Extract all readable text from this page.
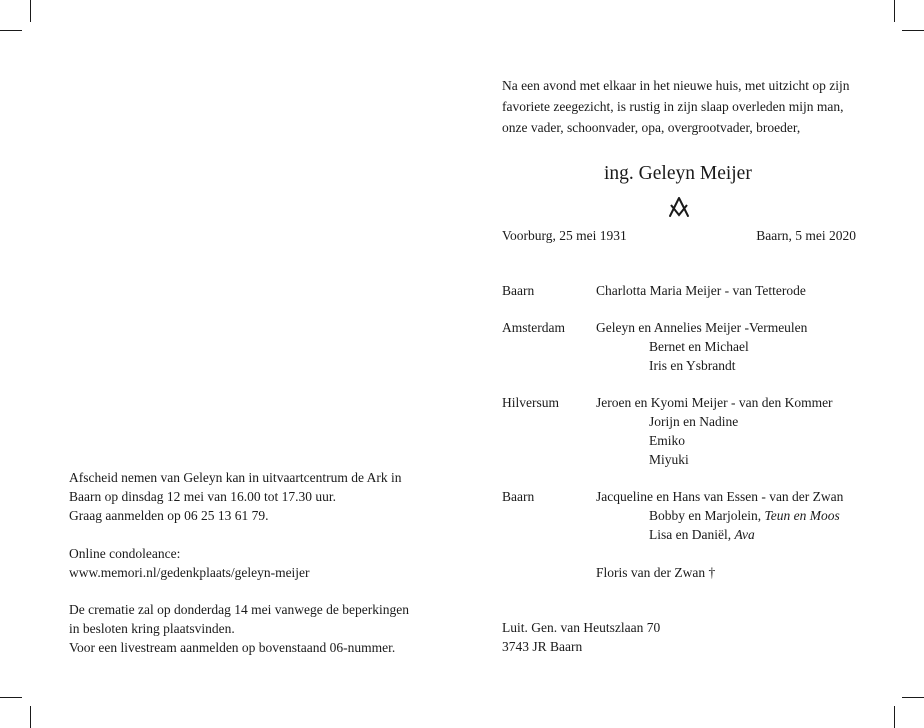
Afscheid nemen van Geleyn kan in uitvaartcentrum de Ark in
Baarn op dinsdag 12 mei van 16.00 tot 17.30 uur.
Graag aanmelden op 06 25 13 61 79.
Online condoleance:
www.memori.nl/gedenkplaats/geleyn-meijer
De crematie zal op donderdag 14 mei vanwege de beperkingen
in besloten kring plaatsvinden.
Voor een livestream aanmelden op bovenstaand 06-nummer.
Na een avond met elkaar in het nieuwe huis, met uitzicht op zijn
favoriete zeegezicht, is rustig in zijn slaap overleden mijn man,
onze vader, schoonvader, opa, overgrootvader, broeder,
ing. Geleyn Meijer
Voorburg, 25 mei 1931	Baarn, 5 mei 2020
Baarn	Charlotta Maria Meijer - van Tetterode
Amsterdam Geleyn en Annelies Meijer -Vermeulen
Bernet en Michael
Iris en Ysbrandt
Hilversum	Jeroen en Kyomi Meijer - van den Kommer
Jorijn en Nadine
Emiko
Miyuki
Baarn	Jacqueline en Hans van Essen - van der Zwan
Bobby en Marjolein, Teun en Moos
Lisa en Daniël, Ava
Floris van der Zwan †
Luit. Gen. van Heutszlaan 70
3743 JR Baarn
